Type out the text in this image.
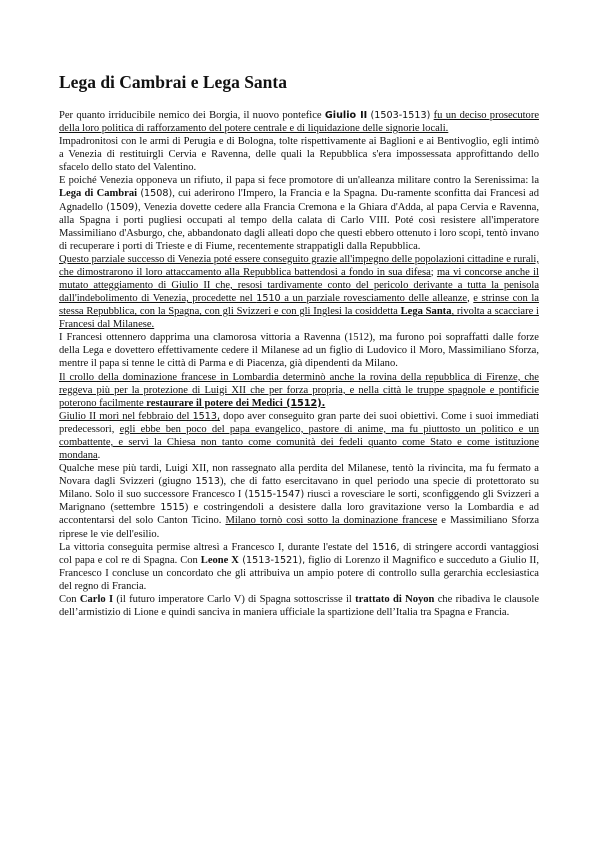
Lega di Cambrai e Lega Santa

Per quanto irriducibile nemico dei Borgia, il nuovo pontefice Giulio II (1503-1513) fu un deciso prosecutore della loro politica di rafforzamento del potere centrale e di liquidazione delle signorie locali.

Impadronitosi con le armi di Perugia e di Bologna, tolte rispettivamente ai Baglioni e ai Bentivoglio, egli intimò a Venezia di restituirgli Cervia e Ravenna, delle quali la Repubblica s'era impossessata approfittando dello sfacelo dello stato del Valentino.

E poiché Venezia opponeva un rifiuto, il papa si fece promotore di un'alleanza militare contro la Serenissima: la Lega di Cambrai (1508), cui aderirono l'Impero, la Francia e la Spagna. Du-ramente sconfitta dai Francesi ad Agnadello (1509), Venezia dovette cedere alla Francia Cremona e la Ghiara d'Adda, al papa Cervia e Ravenna, alla Spagna i porti pugliesi occupati al tempo della calata di Carlo VIII. Poté così resistere all'imperatore Massimiliano d'Asburgo, che, abbandonato dagli alleati dopo che questi ebbero ottenuto i loro scopi, tentò invano di recuperare i porti di Trieste e di Fiume, recentemente strappatigli dalla Repubblica.

Questo parziale successo di Venezia poté essere conseguito grazie all'impegno delle popolazioni cittadine e rurali, che dimostrarono il loro attaccamento alla Repubblica battendosi a fondo in sua difesa; ma vi concorse anche il mutato atteggiamento di Giulio II che, resosi tardivamente conto del pericolo derivante a tutta la penisola dall'indebolimento di Venezia, procedette nel 1510 a un parziale rovesciamento delle alleanze, e strinse con la stessa Repubblica, con la Spagna, con gli Svizzeri e con gli Inglesi la cosiddetta Lega Santa, rivolta a scacciare i Francesi dal Milanese.

I Francesi ottennero dapprima una clamorosa vittoria a Ravenna (1512), ma furono poi sopraffatti dalle forze della Lega e dovettero effettivamente cedere il Milanese ad un figlio di Ludovico il Moro, Massimiliano Sforza, mentre il papa si tenne le città di Parma e di Piacenza, già dipendenti da Milano.

Il crollo della dominazione francese in Lombardia determinò anche la rovina della repubblica di Firenze, che reggeva più per la protezione di Luigi XII che per forza propria, e nella città le truppe spagnole e pontificie poterono facilmente restaurare il potere dei Medici (1512).

Giulio II morì nel febbraio del 1513, dopo aver conseguito gran parte dei suoi obiettivi. Come i suoi immediati predecessori, egli ebbe ben poco del papa evangelico, pastore di anime, ma fu piuttosto un politico e un combattente, e servì la Chiesa non tanto come comunità dei fedeli quanto come Stato e come istituzione mondana.

Qualche mese più tardi, Luigi XII, non rassegnato alla perdita del Milanese, tentò la rivincita, ma fu fermato a Novara dagli Svizzeri (giugno 1513), che di fatto esercitavano in quel periodo una specie di protettorato su Milano. Solo il suo successore Francesco I (1515-1547) riuscì a rovesciare le sorti, sconfiggendo gli Svizzeri a Marignano (settembre 1515) e costringendoli a desistere dalla loro gravitazione verso la Lombardia e ad accontentarsi del solo Canton Ticino. Milano tornò così sotto la dominazione francese e Massimiliano Sforza riprese le vie dell'esilio.

La vittoria conseguita permise altresì a Francesco I, durante l'estate del 1516, di stringere accordi vantaggiosi col papa e col re di Spagna. Con Leone X (1513-1521), figlio di Lorenzo il Magnifico e succeduto a Giulio II, Francesco I concluse un concordato che gli attribuiva un ampio potere di controllo sulla gerarchia ecclesiastica del regno di Francia.

Con Carlo I (il futuro imperatore Carlo V) di Spagna sottoscrisse il trattato di Noyon che ribadiva le clausole dell’armistizio di Lione e quindi sanciva in maniera ufficiale la spartizione dell’Italia tra Spagna e Francia.
